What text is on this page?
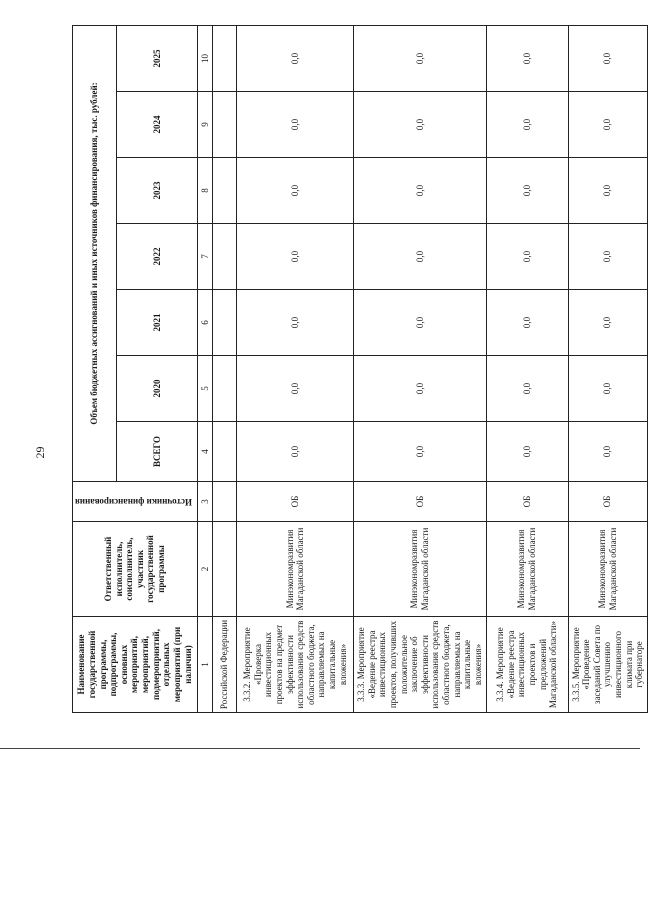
29
Наименование государственной программы, подпрограммы, основных мероприятий, мероприятий, подмероприятий, отдельных мероприятий (при наличии)	Ответственный исполнитель, соисполнитель, участник государственной программы	Источники финансирования	Объем бюджетных ассигнований и иных источников финансирования, тыс. рублей:						
			ВСЕГО	2020	2021	2022	2023	2024	2025
1	2	3	4	5	6	7	8	9	10
Российской Федерации									
3.3.2. Мероприятие «Проверка инвестиционных проектов на предмет эффективности использования средств областного бюджета, направляемых на капитальные вложения»	Минэкономразвития Магаданской области	ОБ	0,0	0,0	0,0	0,0	0,0	0,0	0,0
3.3.3. Мероприятие «Ведение реестра инвестиционных проектов, получивших положительное заключение об эффективности использования средств областного бюджета, направляемых на капитальные вложения»	Минэкономразвития Магаданской области	ОБ	0,0	0,0	0,0	0,0	0,0	0,0	0,0
3.3.4. Мероприятие «Ведение реестра инвестиционных проектов и предложений Магаданской области»	Минэкономразвития Магаданской области	ОБ	0,0	0,0	0,0	0,0	0,0	0,0	0,0
3.3.5. Мероприятие «Проведение заседаний Совета по улучшению инвестиционного климата при губернаторе	Минэкономразвития Магаданской области	ОБ	0,0	0,0	0,0	0,0	0,0	0,0	0,0
